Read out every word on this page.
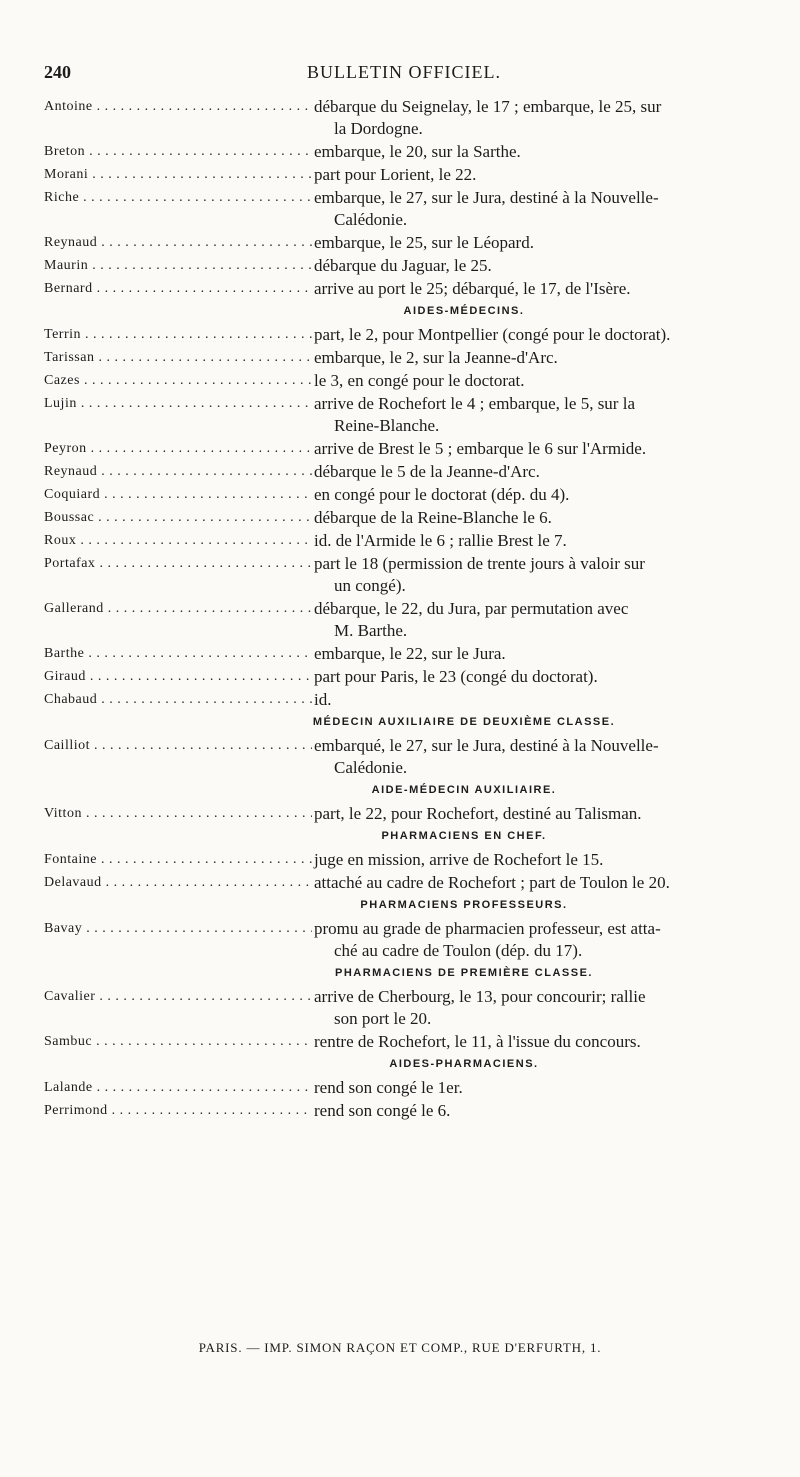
240	BULLETIN OFFICIEL.
Antoine . . .	débarque du Seignelay, le 17 ; embarque, le 25, sur
la Dordogne.
Breton . . .	embarque, le 20, sur la Sarthe.
Morani . . .	part pour Lorient, le 22.
Riche . . .	embarque, le 27, sur le Jura, destiné à la Nouvelle-
Calédonie.
Reynaud . . .	embarque, le 25, sur le Léopard.
Maurin . . .	débarque du Jaguar, le 25.
Bernard . . .	arrive au port le 25; débarqué, le 17, de l'Isère.
AIDES-MÉDECINS.
Terrin . . .	part, le 2, pour Montpellier (congé pour le doctorat).
Tarissan . . .	embarque, le 2, sur la Jeanne-d'Arc.
Cazes . . .	le 3, en congé pour le doctorat.
Lujin . . .	arrive de Rochefort le 4 ; embarque, le 5, sur la
Reine-Blanche.
Peyron . . .	arrive de Brest le 5 ; embarque le 6 sur l'Armide.
Reynaud . . .	débarque le 5 de la Jeanne-d'Arc.
Coquiard . . .	en congé pour le doctorat (dép. du 4).
Boussac . . .	débarque de la Reine-Blanche le 6.
Roux . . .	id. de l'Armide le 6 ; rallie Brest le 7.
Portafax . . .	part le 18 (permission de trente jours à valoir sur
un congé).
Gallerand . . .	débarque, le 22, du Jura, par permutation avec
M. Barthe.
Barthe . . .	embarque, le 22, sur le Jura.
Giraud . . .	part pour Paris, le 23 (congé du doctorat).
Chabaud . . .	id.
MÉDECIN AUXILIAIRE DE DEUXIÈME CLASSE.
Cailliot . . .	embarqué, le 27, sur le Jura, destiné à la Nouvelle-
Calédonie.
AIDE-MÉDECIN AUXILIAIRE.
Vitton . . .	part, le 22, pour Rochefort, destiné au Talisman.
PHARMACIENS EN CHEF.
Fontaine . . .	juge en mission, arrive de Rochefort le 15.
Delavaud . . .	attaché au cadre de Rochefort ; part de Toulon le 20.
PHARMACIENS PROFESSEURS.
Bavay . . .	promu au grade de pharmacien professeur, est atta-
ché au cadre de Toulon (dép. du 17).
PHARMACIENS DE PREMIÈRE CLASSE.
Cavalier . . .	arrive de Cherbourg, le 13, pour concourir; rallie
son port le 20.
Sambuc . . .	rentre de Rochefort, le 11, à l'issue du concours.
AIDES-PHARMACIENS.
Lalande . . .	rend son congé le 1er.
Perrimond . . .	rend son congé le 6.
PARIS. — IMP. SIMON RAÇON ET COMP., RUE D'ERFURTH, 1.
